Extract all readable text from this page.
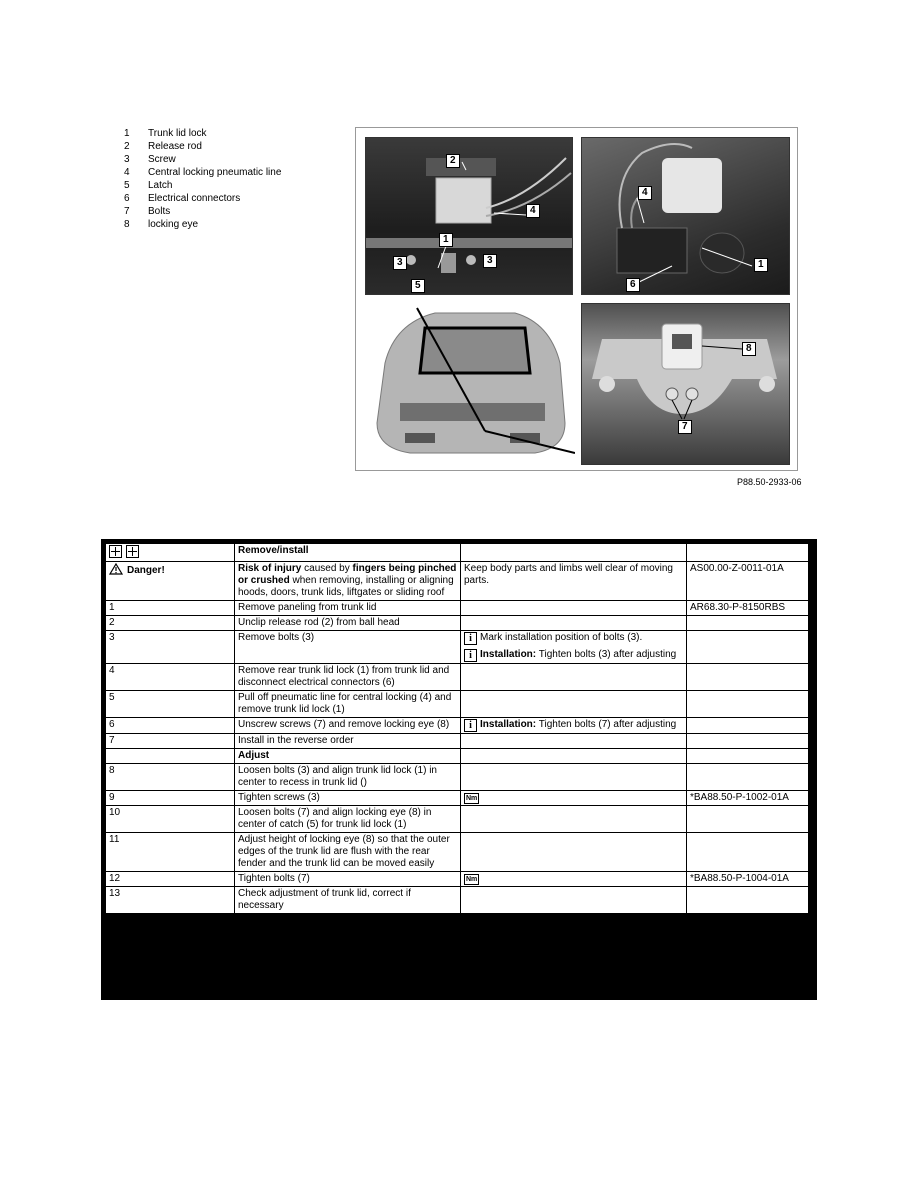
1	Trunk lid lock
2	Release rod
3	Screw
4	Central locking pneumatic line
5	Latch
6	Electrical connectors
7	Bolts
8	locking eye
1
2
3	3
4
5
4
1
6
8
7
P88.50-2933-06
	Remove/install		
Danger!	Risk of injury caused by fingers being pinched or crushed when removing, installing or aligning hoods, doors, trunk lids, liftgates or sliding roof	Keep body parts and limbs well clear of moving parts.	AS00.00-Z-0011-01A
1	Remove paneling from trunk lid		AR68.30-P-8150RBS
2	Unclip release rod (2) from ball head		
3	Remove bolts (3)	i Mark installation position of bolts (3).
i Installation: Tighten bolts (3) after adjusting	

4	Remove rear trunk lid lock (1) from trunk lid and disconnect electrical connectors (6)		
5	Pull off pneumatic line for central locking (4) and remove trunk lid lock (1)		
6	Unscrew screws (7) and remove locking eye (8)	i Installation: Tighten bolts (7) after adjusting	
7	Install in the reverse order		
	Adjust		
8	Loosen bolts (3) and align trunk lid lock (1) in center to recess in trunk lid ()		
9	Tighten screws (3)	Nm	*BA88.50-P-1002-01A
10	Loosen bolts (7) and align locking eye (8) in center of catch (5) for trunk lid lock (1)		
11	Adjust height of locking eye (8) so that the outer edges of the trunk lid are flush with the rear fender and the trunk lid can be moved easily		
12	Tighten bolts (7)	Nm	*BA88.50-P-1004-01A
13	Check adjustment of trunk lid, correct if necessary		
